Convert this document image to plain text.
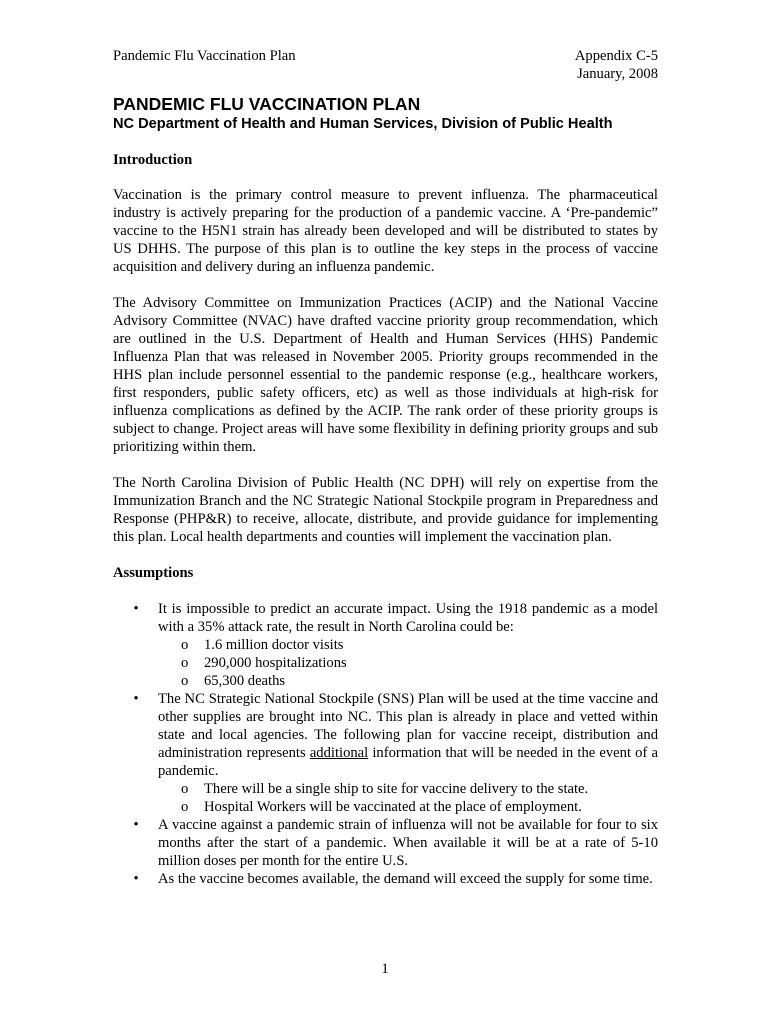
Pandemic Flu Vaccination Plan	Appendix C-5
January, 2008
PANDEMIC FLU VACCINATION PLAN
NC Department of Health and Human Services, Division of Public Health
Introduction

Vaccination is the primary control measure to prevent influenza. The pharmaceutical industry is actively preparing for the production of a pandemic vaccine. A ‘Pre-pandemic” vaccine to the H5N1 strain has already been developed and will be distributed to states by US DHHS. The purpose of this plan is to outline the key steps in the process of vaccine acquisition and delivery during an influenza pandemic.

The Advisory Committee on Immunization Practices (ACIP) and the National Vaccine Advisory Committee (NVAC) have drafted vaccine priority group recommendation, which are outlined in the U.S. Department of Health and Human Services (HHS) Pandemic Influenza Plan that was released in November 2005. Priority groups recommended in the HHS plan include personnel essential to the pandemic response (e.g., healthcare workers, first responders, public safety officers, etc) as well as those individuals at high-risk for influenza complications as defined by the ACIP. The rank order of these priority groups is subject to change. Project areas will have some flexibility in defining priority groups and sub prioritizing within them.

The North Carolina Division of Public Health (NC DPH) will rely on expertise from the Immunization Branch and the NC Strategic National Stockpile program in Preparedness and Response (PHP&R) to receive, allocate, distribute, and provide guidance for implementing this plan. Local health departments and counties will implement the vaccination plan.

Assumptions
• It is impossible to predict an accurate impact. Using the 1918 pandemic as a model with a 35% attack rate, the result in North Carolina could be:
o 1.6 million doctor visits
o 290,000 hospitalizations
o 65,300 deaths
• The NC Strategic National Stockpile (SNS) Plan will be used at the time vaccine and other supplies are brought into NC. This plan is already in place and vetted within state and local agencies. The following plan for vaccine receipt, distribution and administration represents additional information that will be needed in the event of a pandemic.
o There will be a single ship to site for vaccine delivery to the state.
o Hospital Workers will be vaccinated at the place of employment.
• A vaccine against a pandemic strain of influenza will not be available for four to six months after the start of a pandemic. When available it will be at a rate of 5-10 million doses per month for the entire U.S.
• As the vaccine becomes available, the demand will exceed the supply for some time.
1
